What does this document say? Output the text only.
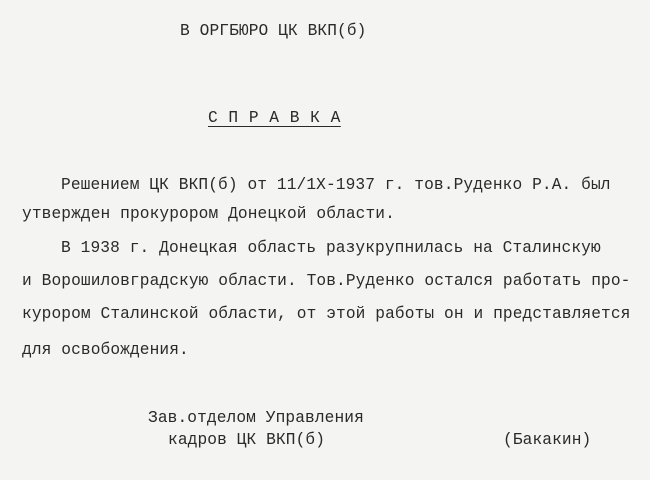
В ОРГБЮРО ЦК ВКП(б)
С П Р А В К А
Решением ЦК ВКП(б) от 11/1Х-1937 г. тов.Руденко Р.А. был
утвержден прокурором Донецкой области.
В 1938 г. Донецкая область разукрупнилась на Сталинскую
и Ворошиловградскую области. Тов.Руденко остался работать про-
курором Сталинской области, от этой работы он и представляется
для освобождения.
Зав.отделом Управления
кадров ЦК ВКП(б)	(Бакакин)
